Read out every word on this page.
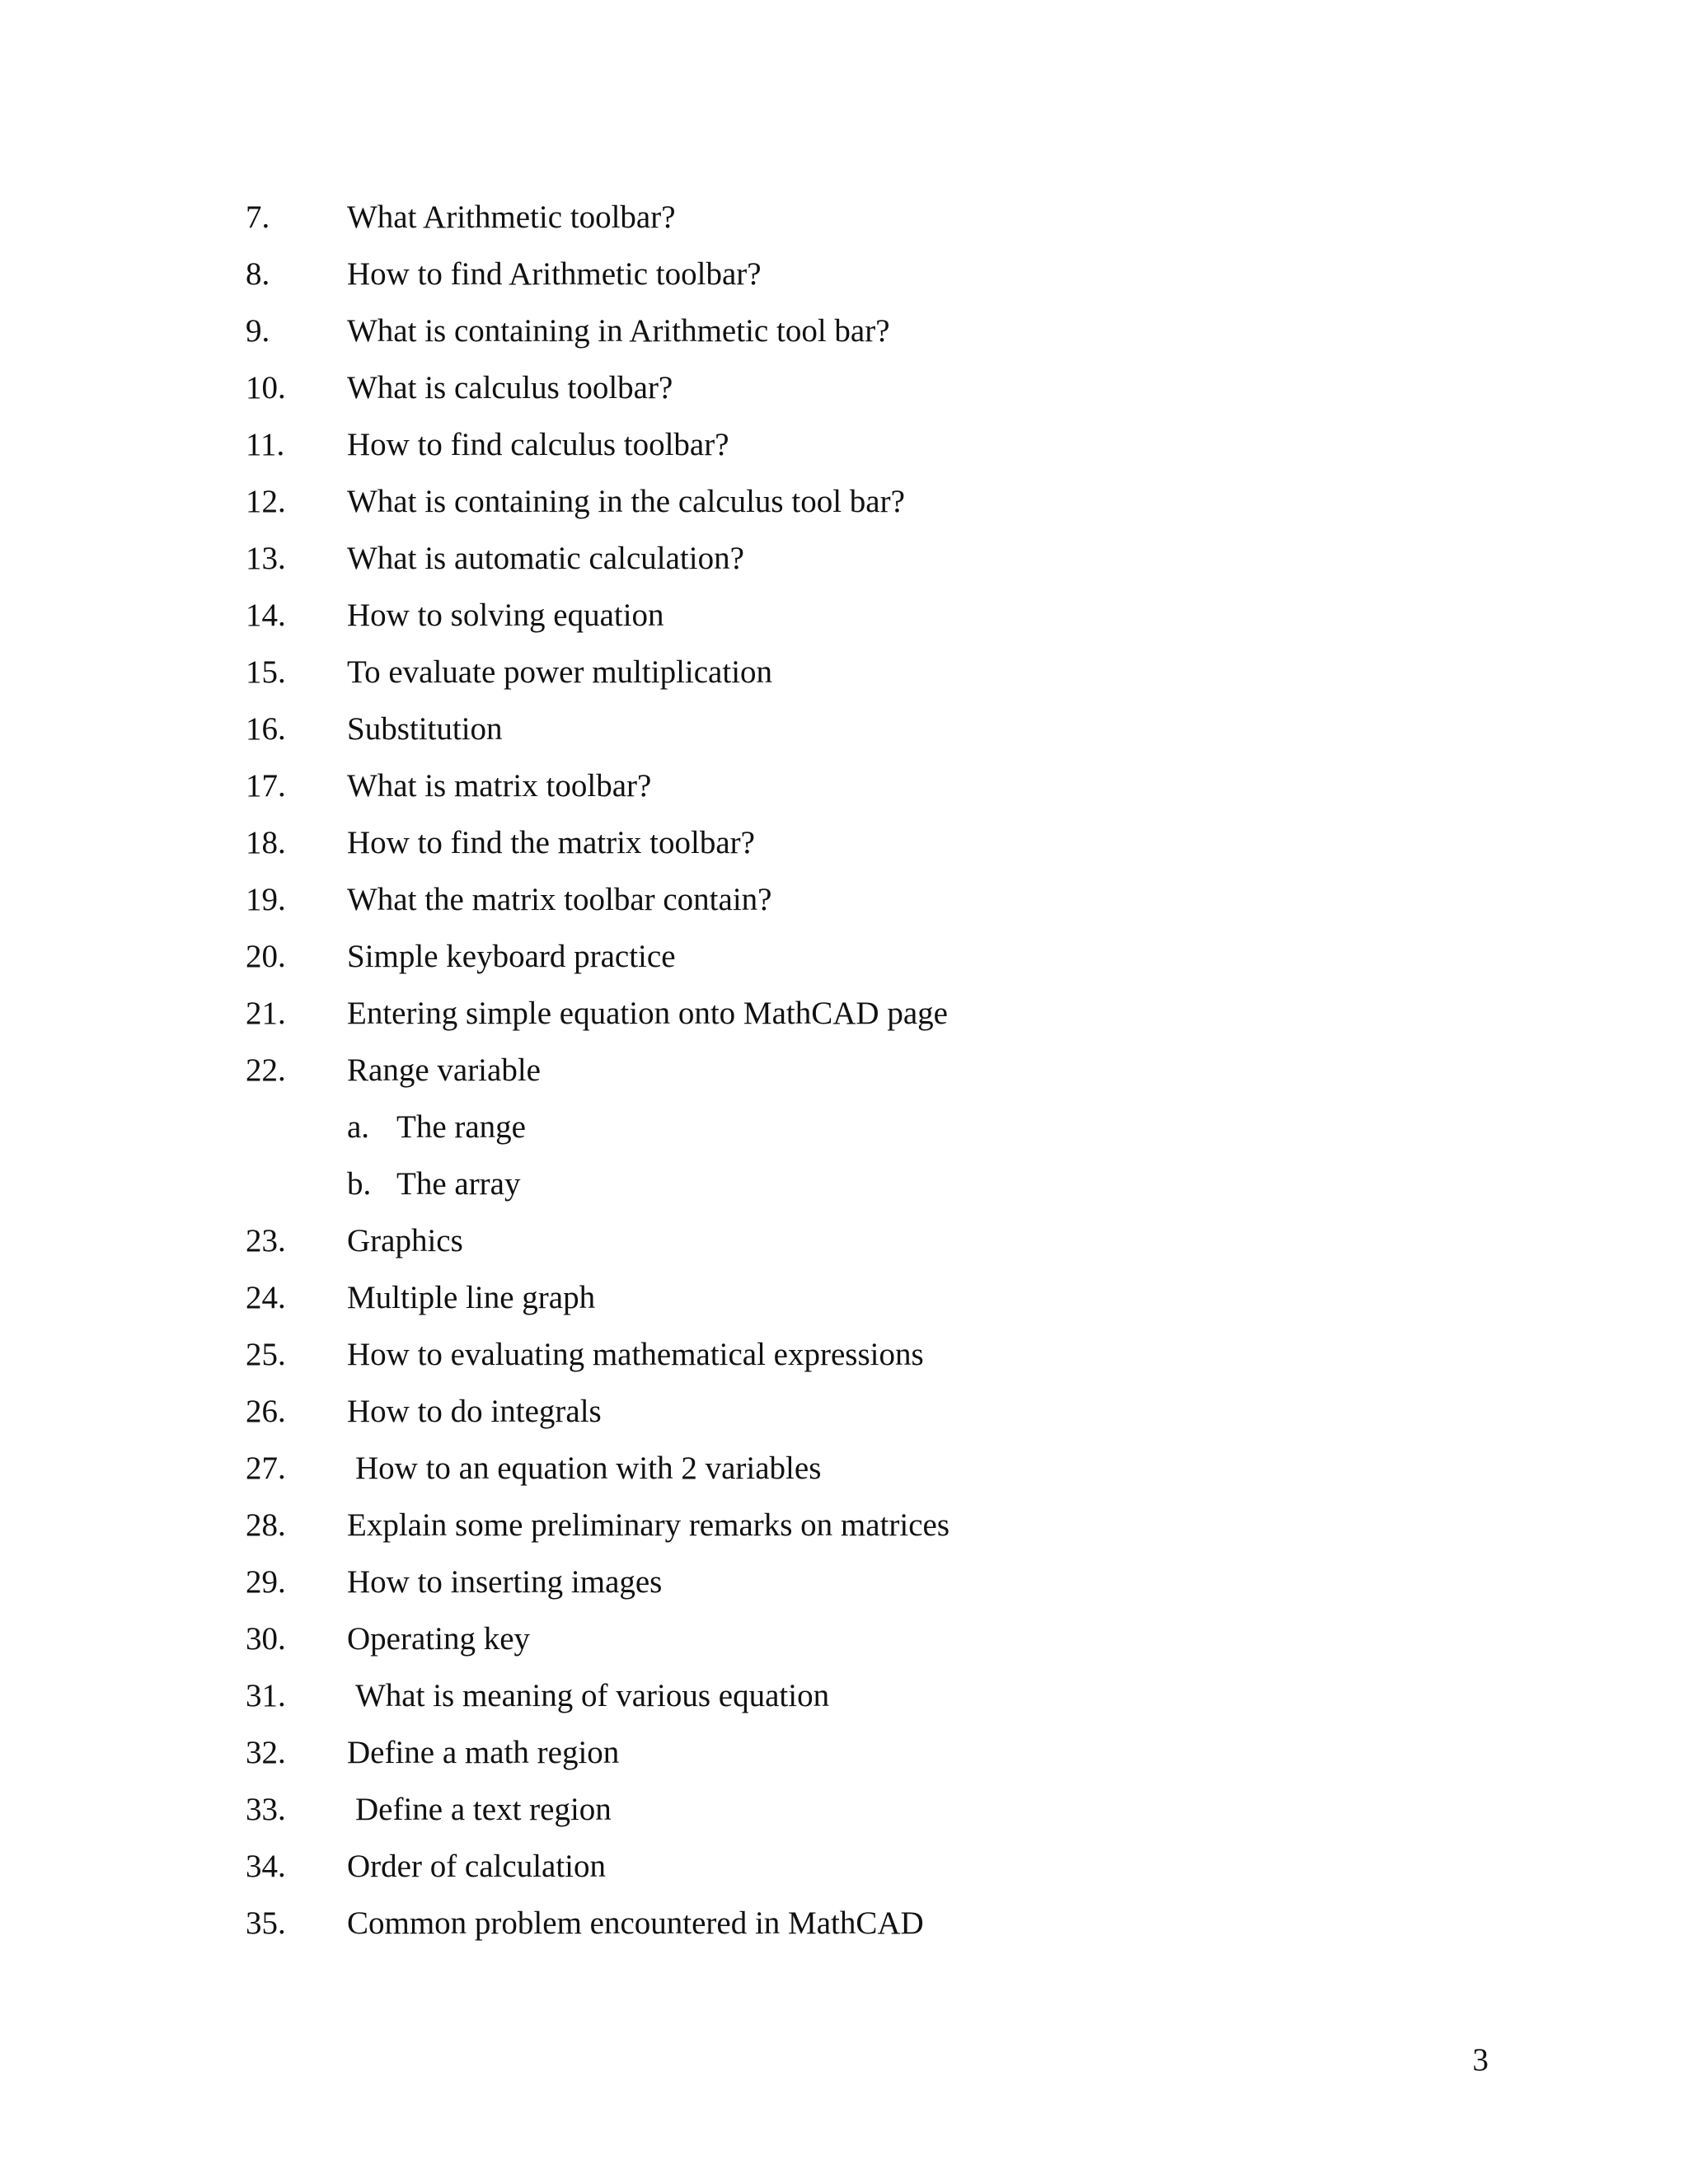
7. What Arithmetic toolbar?
8. How to find Arithmetic toolbar?
9. What is containing in Arithmetic tool bar?
10. What is calculus toolbar?
11. How to find calculus toolbar?
12. What is containing in the calculus tool bar?
13. What is automatic calculation?
14. How to solving equation
15. To evaluate power multiplication
16. Substitution
17. What is matrix toolbar?
18. How to find the matrix toolbar?
19. What the matrix toolbar contain?
20. Simple keyboard practice
21. Entering simple equation onto MathCAD page
22. Range variable
a. The range
b. The array
23. Graphics
24. Multiple line graph
25. How to evaluating mathematical expressions
26. How to do integrals
27. How to an equation with 2 variables
28. Explain some preliminary remarks on matrices
29. How to inserting images
30. Operating key
31. What is meaning of various equation
32. Define a math region
33. Define a text region
34. Order of calculation
35. Common problem encountered in MathCAD
3
